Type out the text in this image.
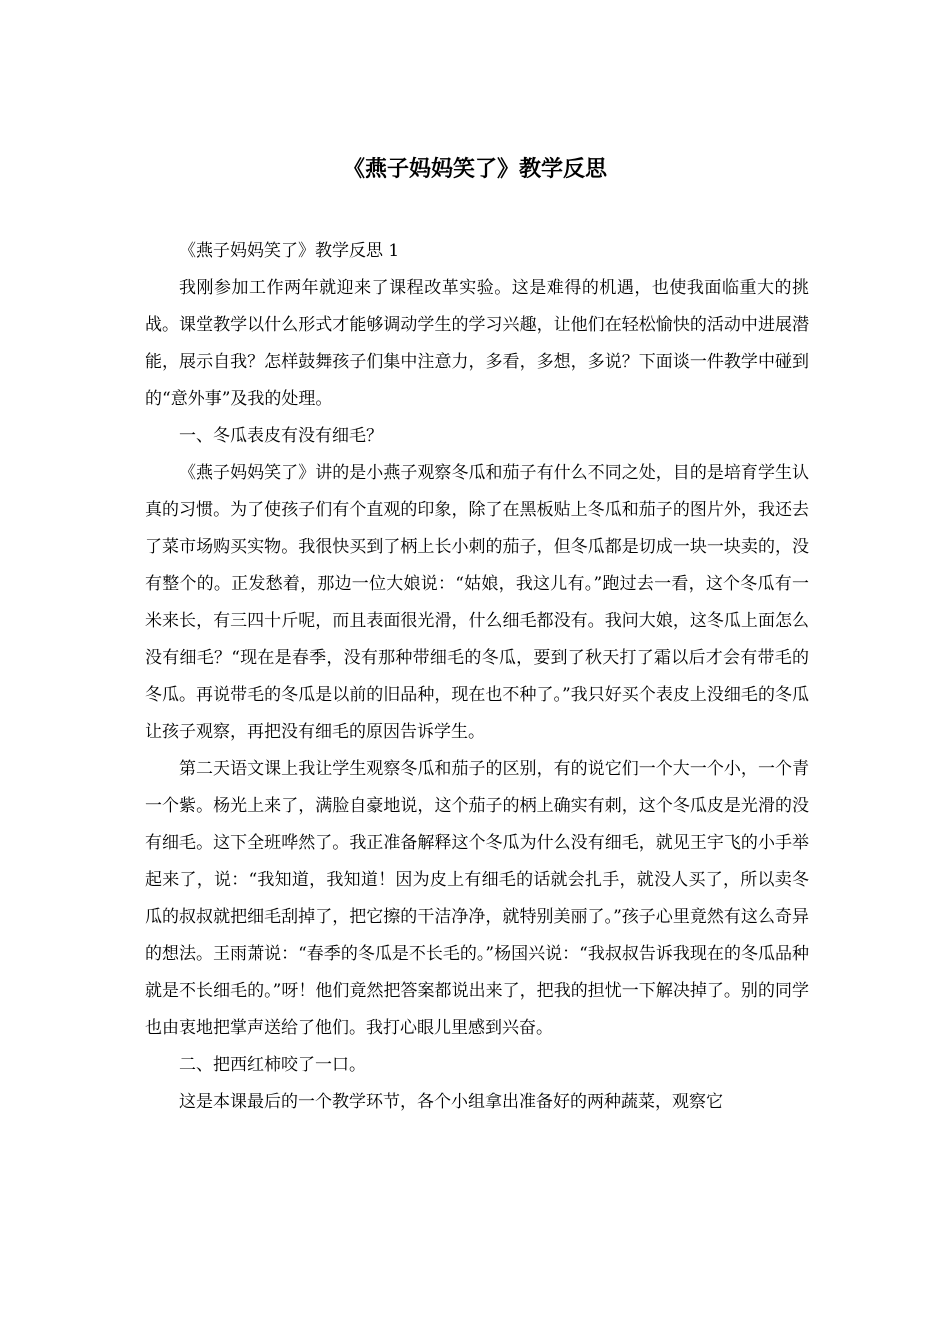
《燕子妈妈笑了》教学反思

《燕子妈妈笑了》教学反思 1

我刚参加工作两年就迎来了课程改革实验。这是难得的机遇，也使我面临重大的挑战。课堂教学以什么形式才能够调动学生的学习兴趣，让他们在轻松愉快的活动中进展潜能，展示自我？怎样鼓舞孩子们集中注意力，多看，多想，多说？下面谈一件教学中碰到的“意外事”及我的处理。

一、冬瓜表皮有没有细毛？

《燕子妈妈笑了》讲的是小燕子观察冬瓜和茄子有什么不同之处，目的是培育学生认真的习惯。为了使孩子们有个直观的印象，除了在黑板贴上冬瓜和茄子的图片外，我还去了菜市场购买实物。我很快买到了柄上长小刺的茄子，但冬瓜都是切成一块一块卖的，没有整个的。正发愁着，那边一位大娘说：“姑娘，我这儿有。”跑过去一看，这个冬瓜有一米来长，有三四十斤呢，而且表面很光滑，什么细毛都没有。我问大娘，这冬瓜上面怎么没有细毛？“现在是春季，没有那种带细毛的冬瓜，要到了秋天打了霜以后才会有带毛的冬瓜。再说带毛的冬瓜是以前的旧品种，现在也不种了。”我只好买个表皮上没细毛的冬瓜让孩子观察，再把没有细毛的原因告诉学生。

第二天语文课上我让学生观察冬瓜和茄子的区别，有的说它们一个大一个小，一个青一个紫。杨光上来了，满脸自豪地说，这个茄子的柄上确实有刺，这个冬瓜皮是光滑的没有细毛。这下全班哗然了。我正准备解释这个冬瓜为什么没有细毛，就见王宇飞的小手举起来了，说：“我知道，我知道！因为皮上有细毛的话就会扎手，就没人买了，所以卖冬瓜的叔叔就把细毛刮掉了，把它擦的干洁净净，就特别美丽了。”孩子心里竟然有这么奇异的想法。王雨萧说：“春季的冬瓜是不长毛的。”杨国兴说：“我叔叔告诉我现在的冬瓜品种就是不长细毛的。”呀！他们竟然把答案都说出来了，把我的担忧一下解决掉了。别的同学也由衷地把掌声送给了他们。我打心眼儿里感到兴奋。

二、把西红柿咬了一口。

这是本课最后的一个教学环节，各个小组拿出准备好的两种蔬菜，观察它
